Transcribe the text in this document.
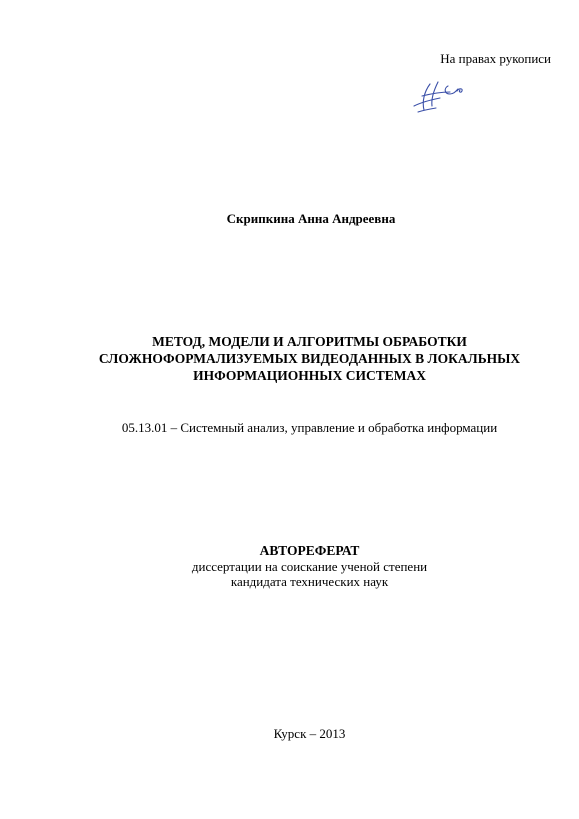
На правах рукописи
Скрипкина Анна Андреевна
МЕТОД, МОДЕЛИ И АЛГОРИТМЫ ОБРАБОТКИ
СЛОЖНОФОРМАЛИЗУЕМЫХ ВИДЕОДАННЫХ В ЛОКАЛЬНЫХ
ИНФОРМАЦИОННЫХ СИСТЕМАХ
05.13.01 – Системный анализ, управление и обработка информации
АВТОРЕФЕРАТ
диссертации на соискание ученой степени
кандидата технических наук
Курск – 2013
